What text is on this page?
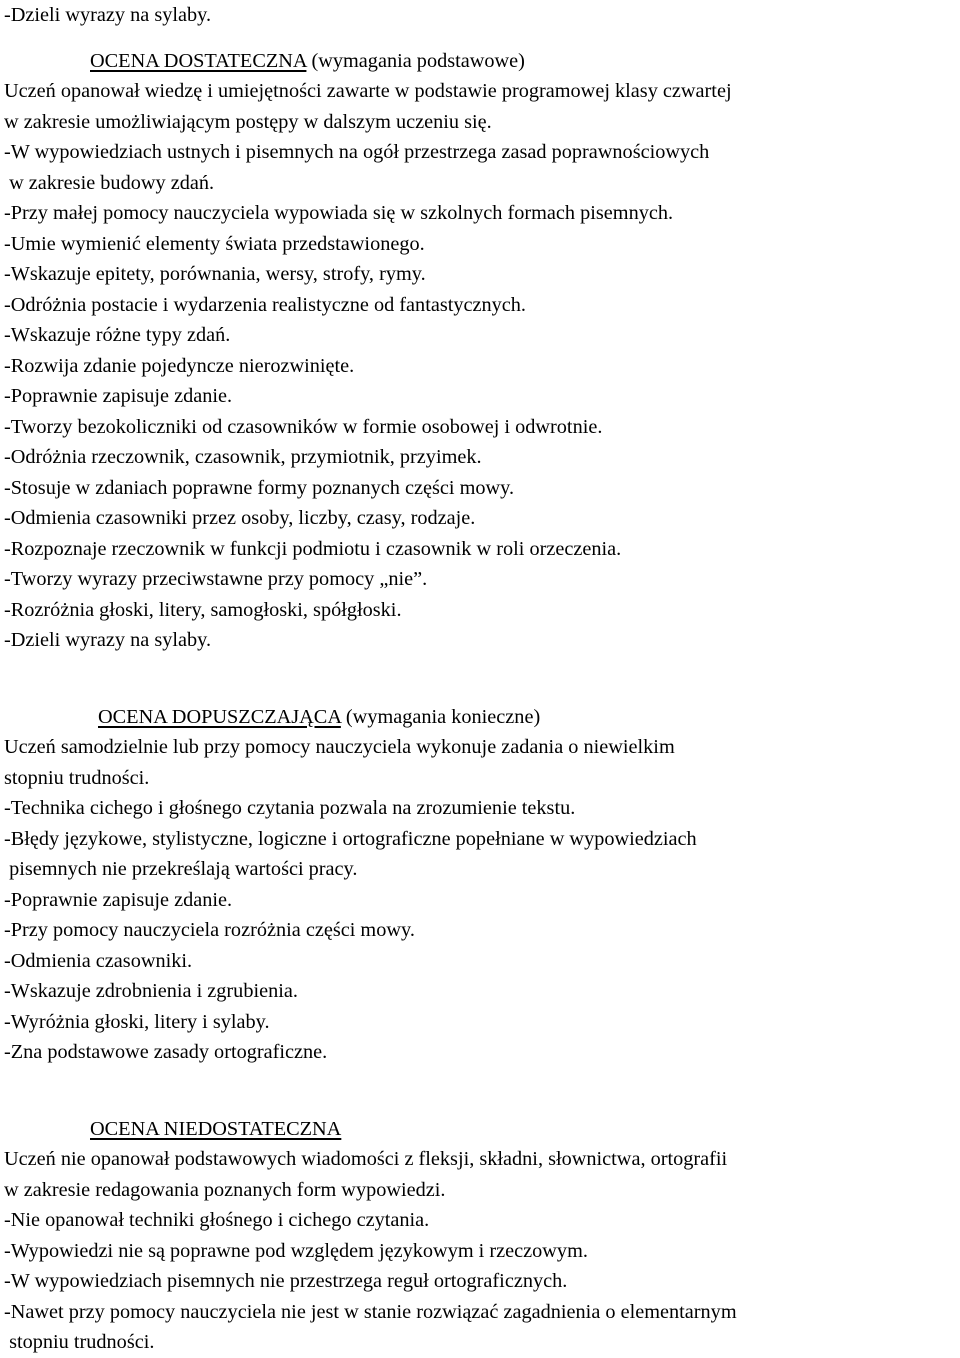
-Dzieli wyrazy na sylaby.
OCENA DOSTATECZNA (wymagania podstawowe)
Uczeń opanował wiedzę i umiejętności zawarte w podstawie programowej klasy czwartej
w zakresie umożliwiającym postępy w dalszym uczeniu się.
-W wypowiedziach ustnych i pisemnych na ogół przestrzega zasad poprawnościowych
w zakresie budowy zdań.
-Przy małej pomocy nauczyciela wypowiada się w szkolnych formach pisemnych.
-Umie wymienić elementy świata przedstawionego.
-Wskazuje epitety, porównania, wersy, strofy, rymy.
-Odróżnia postacie i wydarzenia realistyczne od fantastycznych.
-Wskazuje różne typy zdań.
-Rozwija zdanie pojedyncze nierozwinięte.
-Poprawnie zapisuje zdanie.
-Tworzy bezokoliczniki od czasowników w formie osobowej i odwrotnie.
-Odróżnia rzeczownik, czasownik, przymiotnik, przyimek.
-Stosuje w zdaniach poprawne formy poznanych części mowy.
-Odmienia czasowniki przez osoby, liczby, czasy, rodzaje.
-Rozpoznaje rzeczownik w funkcji podmiotu i czasownik w roli orzeczenia.
-Tworzy wyrazy przeciwstawne przy pomocy „nie”.
-Rozróżnia głoski, litery, samogłoski, spółgłoski.
-Dzieli wyrazy na sylaby.
OCENA DOPUSZCZAJĄCA (wymagania konieczne)
Uczeń samodzielnie lub przy pomocy nauczyciela wykonuje zadania o niewielkim
stopniu trudności.
-Technika cichego i głośnego czytania pozwala na zrozumienie tekstu.
-Błędy językowe, stylistyczne, logiczne i ortograficzne popełniane w wypowiedziach
pisemnych nie przekreślają wartości pracy.
-Poprawnie zapisuje zdanie.
-Przy pomocy nauczyciela rozróżnia części mowy.
-Odmienia czasowniki.
-Wskazuje zdrobnienia i zgrubienia.
-Wyróżnia głoski, litery i sylaby.
-Zna podstawowe zasady ortograficzne.
OCENA NIEDOSTATECZNA
Uczeń nie opanował podstawowych wiadomości z fleksji, składni, słownictwa, ortografii
w zakresie redagowania poznanych form wypowiedzi.
-Nie opanował techniki głośnego i cichego czytania.
-Wypowiedzi nie są poprawne pod względem językowym i rzeczowym.
-W wypowiedziach pisemnych nie przestrzega reguł ortograficznych.
-Nawet przy pomocy nauczyciela nie jest w stanie rozwiązać zagadnienia o elementarnym
stopniu trudności.
